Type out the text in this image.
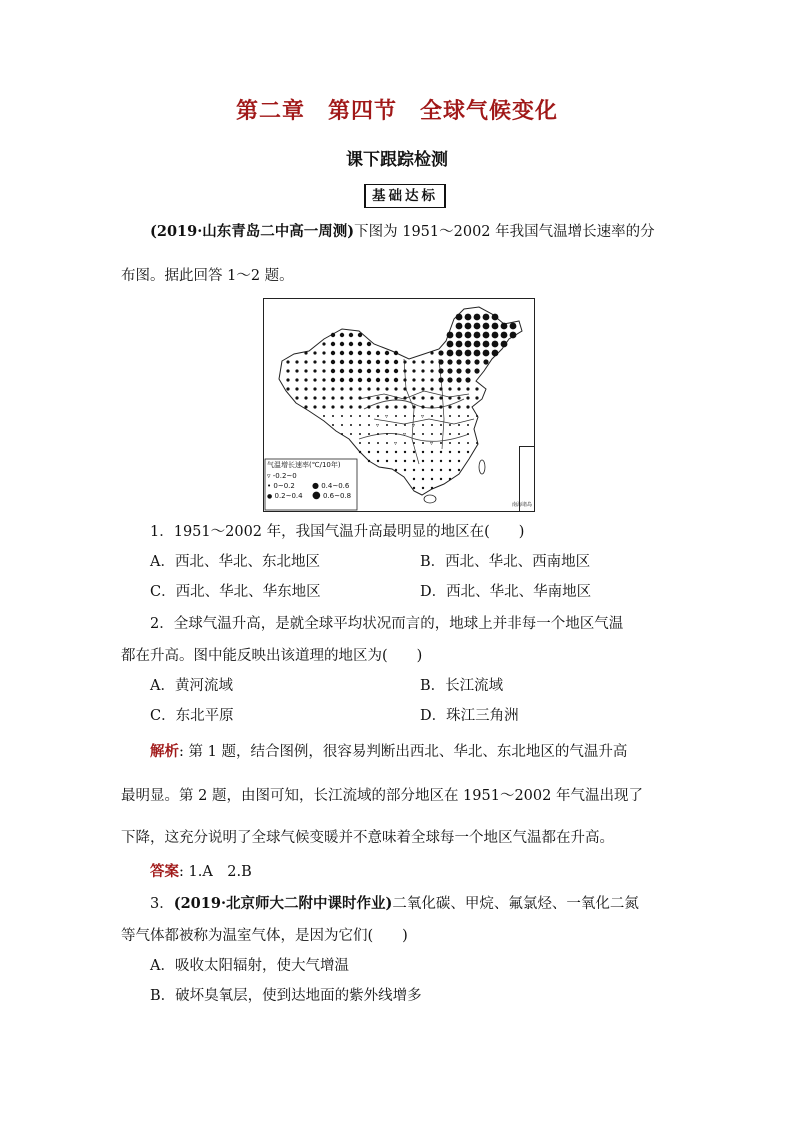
第二章　第四节　全球气候变化
课下跟踪检测
基础达标
(2019·山东青岛二中高一周测)下图为 1951～2002 年我国气温增长速率的分
布图。据此回答 1～2 题。
▿	▿
▿	▿
▿
▿	▿
气温增长速率(℃/10年)
▿ -0.2~0
• 0~0.2
● 0.2~0.4
● 0.4~0.6
● 0.6~0.8
南海诸岛
1．1951～2002 年，我国气温升高最明显的地区在(　　)
A．西北、华北、东北地区	B．西北、华北、西南地区
C．西北、华北、华东地区	D．西北、华北、华南地区
2．全球气温升高，是就全球平均状况而言的，地球上并非每一个地区气温
都在升高。图中能反映出该道理的地区为(　　)
A．黄河流域	B．长江流域
C．东北平原	D．珠江三角洲
解析: 第 1 题，结合图例，很容易判断出西北、华北、东北地区的气温升高
最明显。第 2 题，由图可知，长江流域的部分地区在 1951～2002 年气温出现了
下降，这充分说明了全球气候变暖并不意味着全球每一个地区气温都在升高。
答案: 1.A　2.B
3．(2019·北京师大二附中课时作业)二氧化碳、甲烷、氟氯烃、一氧化二氮
等气体都被称为温室气体，是因为它们(　　)
A．吸收太阳辐射，使大气增温
B．破坏臭氧层，使到达地面的紫外线增多
